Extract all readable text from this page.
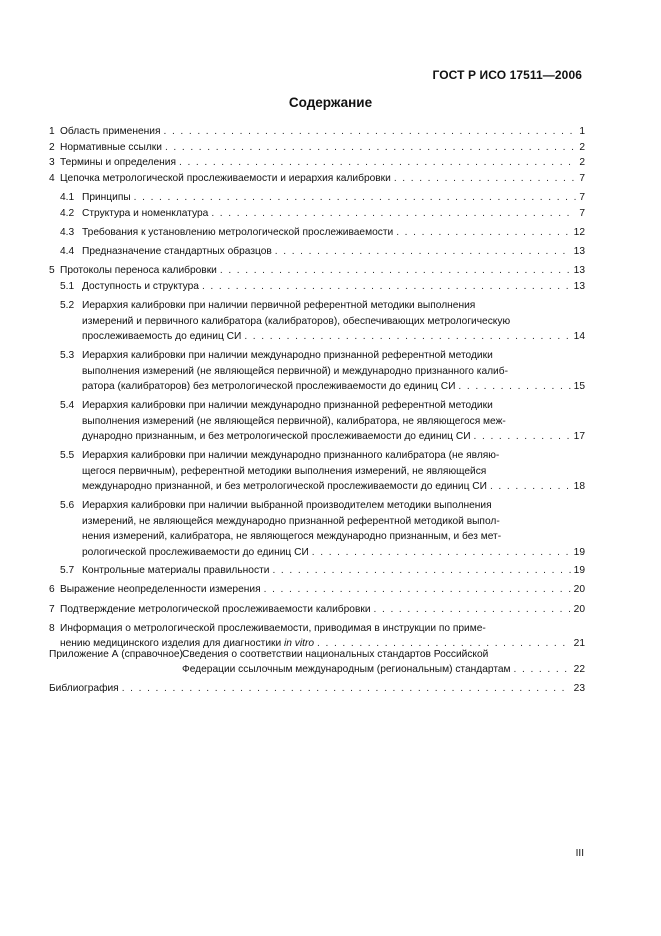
ГОСТ Р ИСО 17511—2006
Содержание
1 Область применения . . .	1
2 Нормативные ссылки . . .	2
3 Термины и определения . . .	2
4 Цепочка метрологической прослеживаемости и иерархия калибровки . . .	7
4.1 Принципы . . .	7
4.2 Структура и номенклатура . . .	7
4.3 Требования к установлению метрологической прослеживаемости . . .	12
4.4 Предназначение стандартных образцов . . .	13
5 Протоколы переноса калибровки . . .	13
5.1 Доступность и структура . . .	13
5.2 Иерархия калибровки при наличии первичной референтной методики выполнения
измерений и первичного калибратора (калибраторов), обеспечивающих метрологическую
прослеживаемость до единиц СИ . . .	14
5.3 Иерархия калибровки при наличии международно признанной референтной методики
выполнения измерений (не являющейся первичной) и международно признанного калиб-
ратора (калибраторов) без метрологической прослеживаемости до единиц СИ . . .	15
5.4 Иерархия калибровки при наличии международно признанной референтной методики
выполнения измерений (не являющейся первичной), калибратора, не являющегося меж-
дународно признанным, и без метрологической прослеживаемости до единиц СИ . . .	17
5.5 Иерархия калибровки при наличии международно признанного калибратора (не являю-
щегося первичным), референтной методики выполнения измерений, не являющейся
международно признанной, и без метрологической прослеживаемости до единиц СИ . . .	18
5.6 Иерархия калибровки при наличии выбранной производителем методики выполнения
измерений, не являющейся международно признанной референтной методикой выпол-
нения измерений, калибратора, не являющегося международно признанным, и без мет-
рологической прослеживаемости до единиц СИ . . .	19
5.7 Контрольные материалы правильности . . .	19
6 Выражение неопределенности измерения . . .	20
7 Подтверждение метрологической прослеживаемости калибровки . . .	20
8 Информация о метрологической прослеживаемости, приводимая в инструкции по приме-
нению медицинского изделия для диагностики in vitro . . .	21
Приложение А (справочное) Сведения о соответствии национальных стандартов Российской
Федерации ссылочным международным (региональным) стандартам . . .	22
Библиография . . .	23
III
